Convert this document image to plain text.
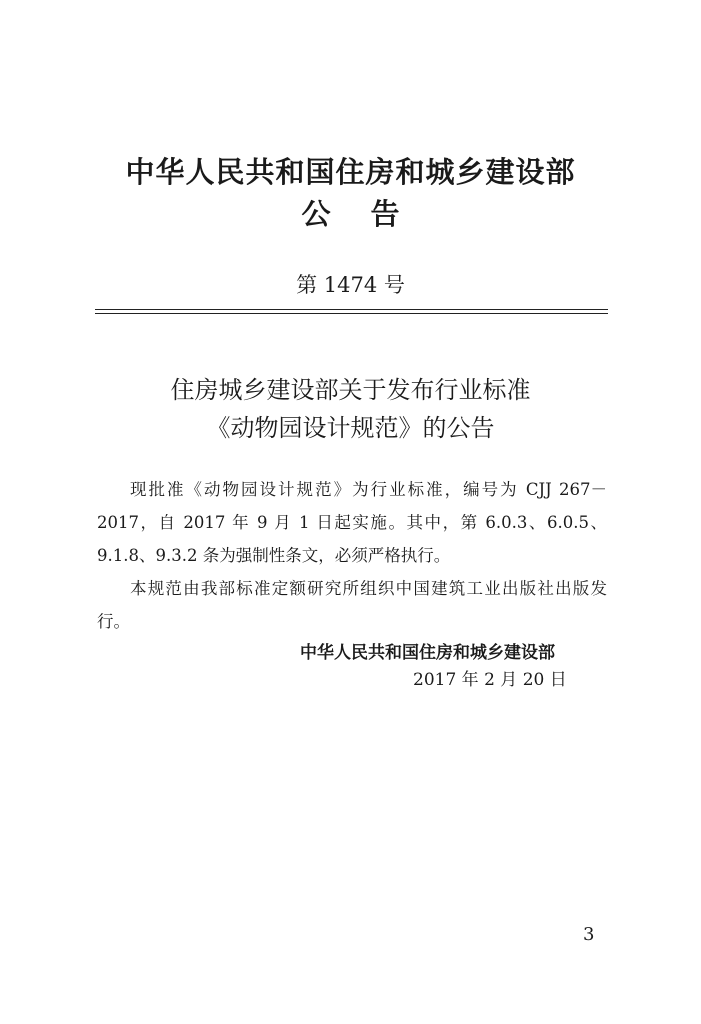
中华人民共和国住房和城乡建设部
公 告
第 1474 号
住房城乡建设部关于发布行业标准
《动物园设计规范》的公告

现批准《动物园设计规范》为行业标准，编号为 CJJ 267－2017，自 2017 年 9 月 1 日起实施。其中，第 6.0.3、6.0.5、9.1.8、9.3.2 条为强制性条文，必须严格执行。

本规范由我部标准定额研究所组织中国建筑工业出版社出版发行。

中华人民共和国住房和城乡建设部
2017 年 2 月 20 日
3
